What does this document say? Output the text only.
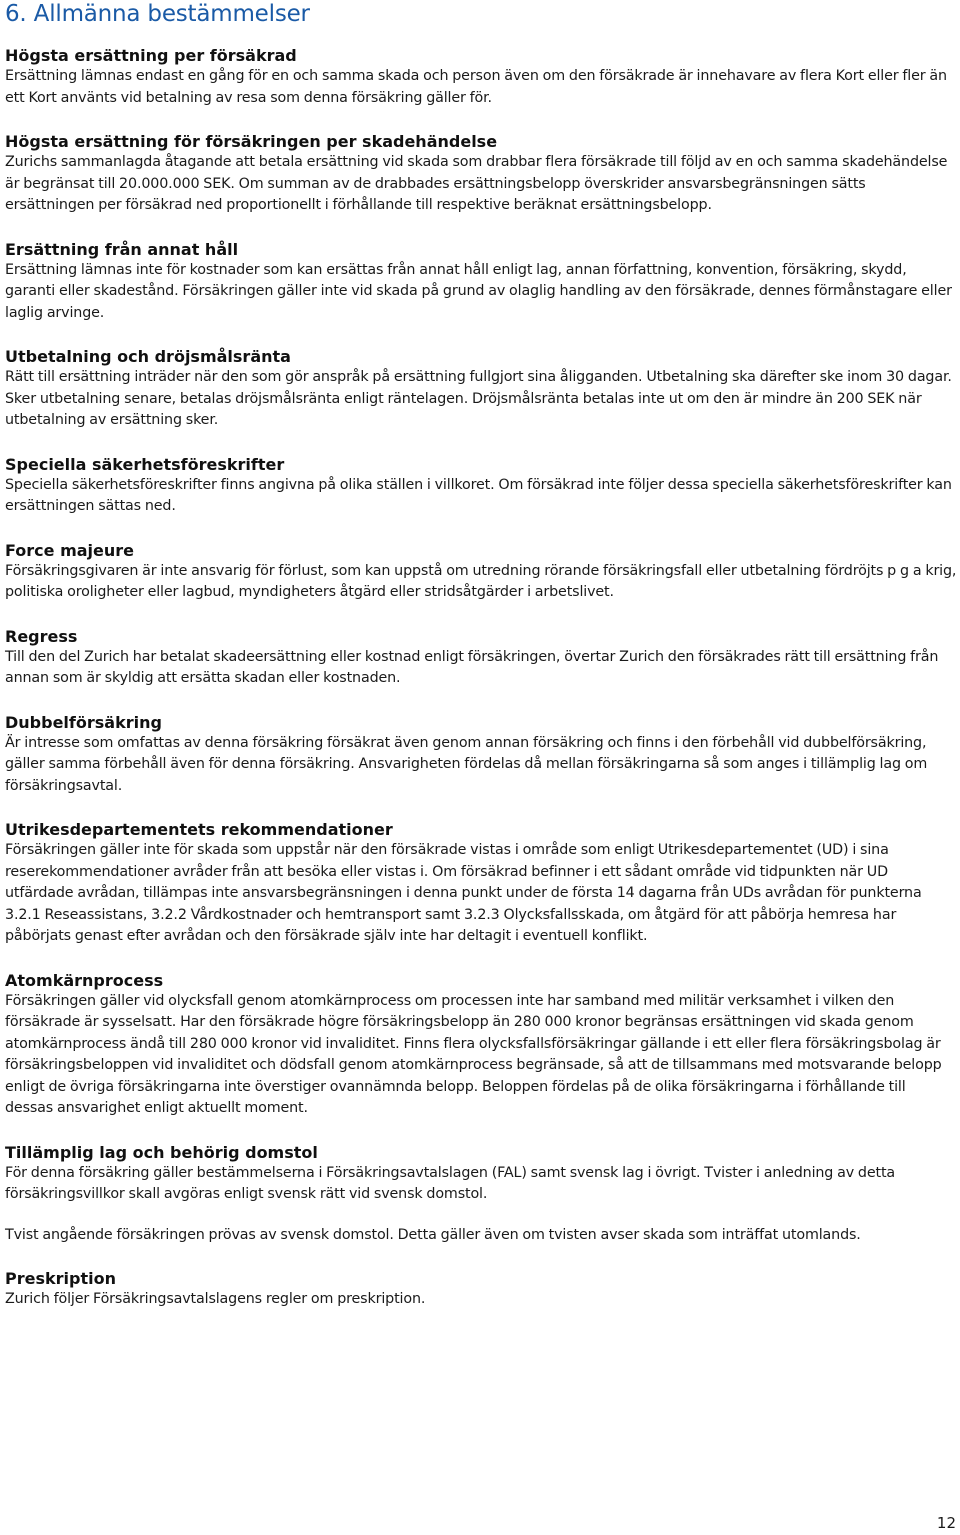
6. Allmänna bestämmelser
Högsta ersättning per försäkrad

Ersättning lämnas endast en gång för en och samma skada och person även om den försäkrade är innehavare av flera Kort eller fler än ett Kort använts vid betalning av resa som denna försäkring gäller för.

Högsta ersättning för försäkringen per skadehändelse

Zurichs sammanlagda åtagande att betala ersättning vid skada som drabbar flera försäkrade till följd av en och samma skadehändelse är begränsat till 20.000.000 SEK. Om summan av de drabbades ersättningsbelopp överskrider ansvarsbegränsningen sätts ersättningen per försäkrad ned proportionellt i förhållande till respektive beräknat ersättningsbelopp.

Ersättning från annat håll

Ersättning lämnas inte för kostnader som kan ersättas från annat håll enligt lag, annan författning, konvention, försäkring, skydd, garanti eller skadestånd. Försäkringen gäller inte vid skada på grund av olaglig handling av den försäkrade, dennes förmånstagare eller laglig arvinge.

Utbetalning och dröjsmålsränta

Rätt till ersättning inträder när den som gör anspråk på ersättning fullgjort sina åligganden. Utbetalning ska därefter ske inom 30 dagar. Sker utbetalning senare, betalas dröjsmålsränta enligt räntelagen. Dröjsmålsränta betalas inte ut om den är mindre än 200 SEK när utbetalning av ersättning sker.

Speciella säkerhetsföreskrifter

Speciella säkerhetsföreskrifter finns angivna på olika ställen i villkoret. Om försäkrad inte följer dessa speciella säkerhetsföreskrifter kan ersättningen sättas ned.

Force majeure

Försäkringsgivaren är inte ansvarig för förlust, som kan uppstå om utredning rörande försäkringsfall eller utbetalning fördröjts p g a krig, politiska oroligheter eller lagbud, myndigheters åtgärd eller stridsåtgärder i arbetslivet.

Regress

Till den del Zurich har betalat skadeersättning eller kostnad enligt försäkringen, övertar Zurich den försäkrades rätt till ersättning från annan som är skyldig att ersätta skadan eller kostnaden.

Dubbelförsäkring

Är intresse som omfattas av denna försäkring försäkrat även genom annan försäkring och finns i den förbehåll vid dubbelförsäkring, gäller samma förbehåll även för denna försäkring. Ansvarigheten fördelas då mellan försäkringarna så som anges i tillämplig lag om försäkringsavtal.

Utrikesdepartementets rekommendationer

Försäkringen gäller inte för skada som uppstår när den försäkrade vistas i område som enligt Utrikesdepartementet (UD) i sina reserekommendationer avråder från att besöka eller vistas i. Om försäkrad befinner i ett sådant område vid tidpunkten när UD utfärdade avrådan, tillämpas inte ansvarsbegränsningen i denna punkt under de första 14 dagarna från UDs avrådan för punkterna 3.2.1 Reseassistans, 3.2.2 Vårdkostnader och hemtransport samt 3.2.3 Olycksfallsskada, om åtgärd för att påbörja hemresa har påbörjats genast efter avrådan och den försäkrade själv inte har deltagit i eventuell konflikt.

Atomkärnprocess

Försäkringen gäller vid olycksfall genom atomkärnprocess om processen inte har samband med militär verksamhet i vilken den försäkrade är sysselsatt. Har den försäkrade högre försäkringsbelopp än 280 000 kronor begränsas ersättningen vid skada genom atomkärnprocess ändå till 280 000 kronor vid invaliditet. Finns flera olycksfallsförsäkringar gällande i ett eller flera försäkringsbolag är försäkringsbeloppen vid invaliditet och dödsfall genom atomkärnprocess begränsade, så att de tillsammans med motsvarande belopp enligt de övriga försäkringarna inte överstiger ovannämnda belopp. Beloppen fördelas på de olika försäkringarna i förhållande till dessas ansvarighet enligt aktuellt moment.

Tillämplig lag och behörig domstol

För denna försäkring gäller bestämmelserna i Försäkringsavtalslagen (FAL) samt svensk lag i övrigt. Tvister i anledning av detta försäkringsvillkor skall avgöras enligt svensk rätt vid svensk domstol.

Tvist angående försäkringen prövas av svensk domstol. Detta gäller även om tvisten avser skada som inträffat utomlands.

Preskription

Zurich följer Försäkringsavtalslagens regler om preskription.

12
